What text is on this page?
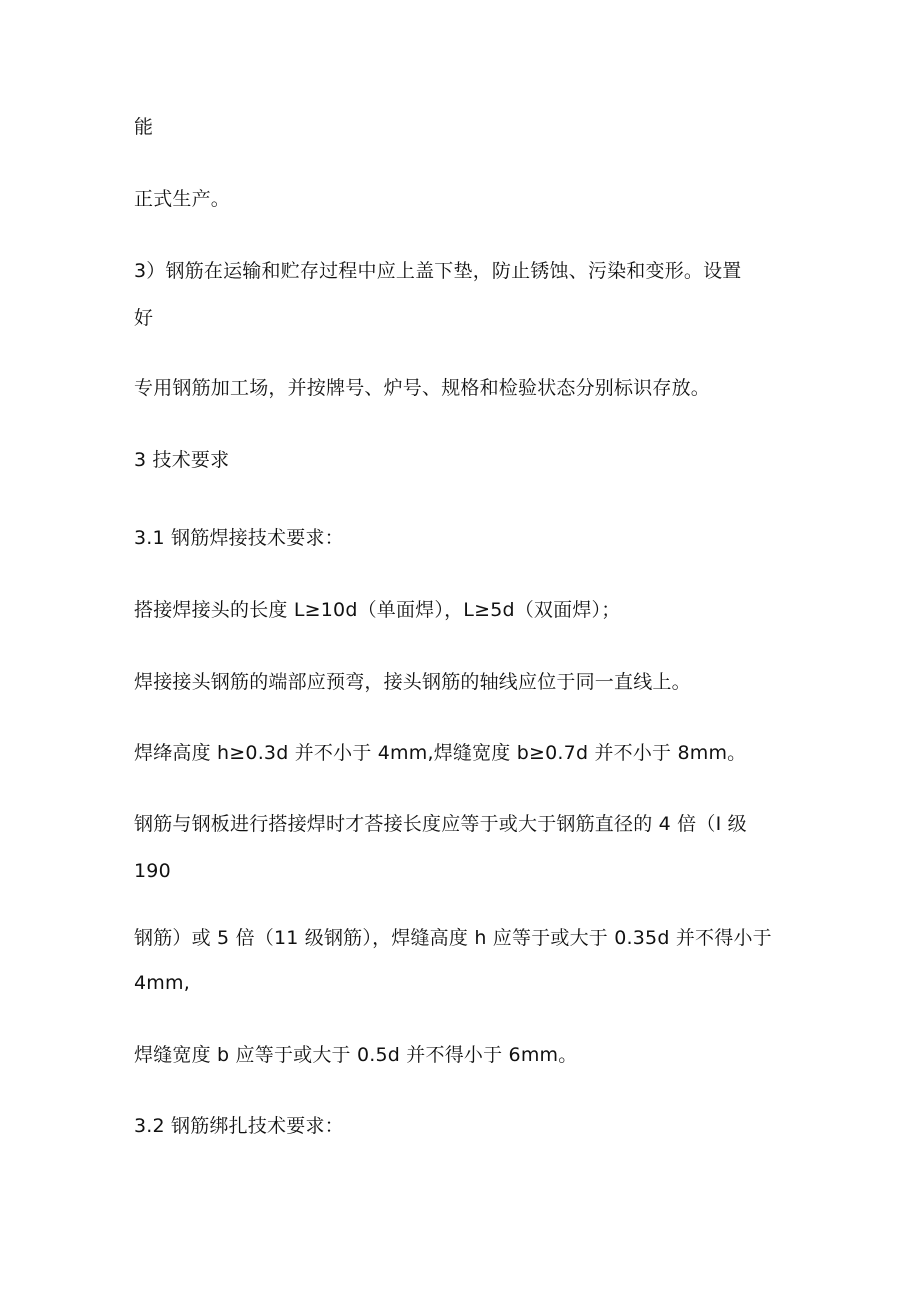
能
正式生产。
3）钢筋在运输和贮存过程中应上盖下垫，防止锈蚀、污染和变形。设置
好
专用钢筋加工场，并按牌号、炉号、规格和检验状态分别标识存放。
3 技术要求
3.1 钢筋焊接技术要求：
搭接焊接头的长度 L≥10d（单面焊），L≥5d（双面焊）；
焊接接头钢筋的端部应预弯，接头钢筋的轴线应位于同一直线上。
焊绛高度 h≥0.3d 并不小于 4mm,焊缝宽度 b≥0.7d 并不小于 8mm。
钢筋与钢板进行搭接焊时才荅接长度应等于或大于钢筋直径的 4 倍（I 级
190
钢筋）或 5 倍（11 级钢筋），焊缝高度 h 应等于或大于 0.35d 并不得小于
4mm,
焊缝宽度 b 应等于或大于 0.5d 并不得小于 6mm。
3.2 钢筋绑扎技术要求：
